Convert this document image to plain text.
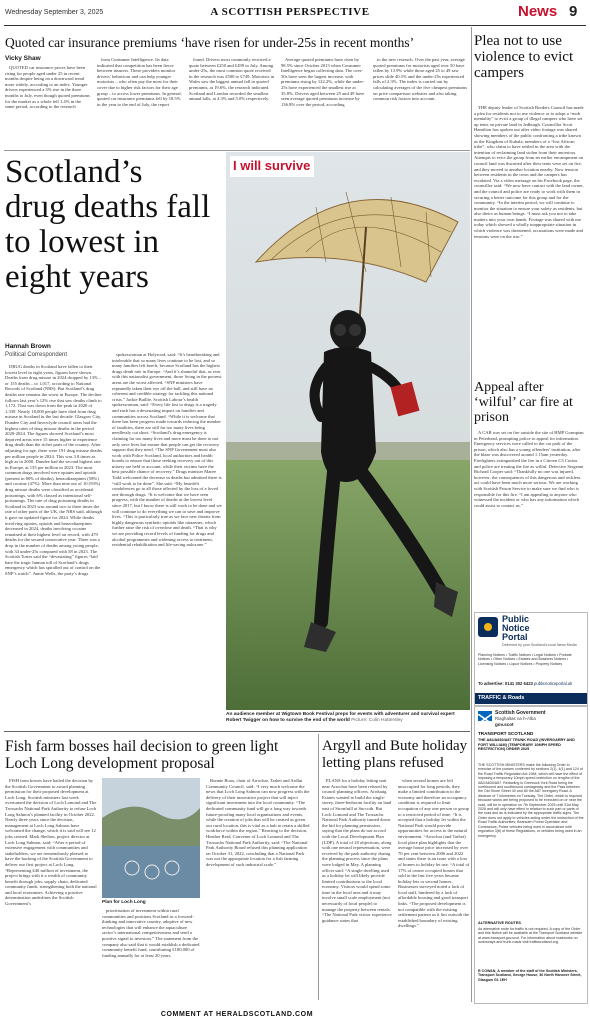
Wednesday September 3, 2025	A SCOTTISH PERSPECTIVE	News 9
Quoted car insurance premiums ‘have risen for under-25s in recent months’
Vicky Shaw

QUOTED car insurance prices have been rising for people aged under 25 in recent months despite being on a downward trend more widely, according to an index. Younger drivers experienced a 3% rise in the three months to July, even though quoted premiums for the market as a whole fell 1.4% in the same period, according to the research

from Consumer Intelligence. Its data indicated that competition has been fierce between insurers. These providers monitor drivers’ behaviour and can help younger motorists – who often pay the most for their cover due to higher risk factors for their age group – to access lower premiums. In general, quoted car insurance premiums fell by 18.5% in the year to the end of July, the report

found. Drivers most commonly received a quote between £250 and £499 in July. Among under-25s, the most common quote received in the research was £500 to £749. Motorists in Wales saw the biggest annual fall in quoted premiums, at 19.6%, the research indicated. Scotland and London recorded the smallest annual falls, at 4.3% and 5.0% respectively.

Average quoted premiums have risen by 98.5% since October 2013 when Consumer Intelligence began collecting data. The over-50s have seen the largest increase, with premiums rising by 122.2%, while the under-25s have experienced the smallest rise at 35.8%. Drivers aged between 25 and 49 have seen average quoted premiums increase by 136.8% over the period, according

to the new research. Over the past year, average quoted premiums for motorists aged over 50 have fallen by 13.9% while those aged 25 to 49 saw prices slide 40.5% and the under-25s experienced falls of 2.3%. The index is carried out by calculating averages of the five cheapest premiums on price comparison websites and also taking common risk factors into account.

Scotland’s drug deaths fall to lowest in eight years
Hannah Brown
Political Correspondent

DRUG deaths in Scotland have fallen to their lowest level in eight years, figures have shown. Deaths from drug misuse in 2024 dropped by 13% – or 155 deaths – to 1,017, according to National Records of Scotland (NRS). But Scotland’s drug deaths rate remains the worst in Europe. The decline follows last year’s 12% rise that saw deaths climb to 1,172. That was down from the peak in 2020 of 1,339. Nearly 18,000 people have died from drug misuse in Scotland in the last decade. Glasgow City, Dundee City and Inverclyde council areas had the highest rates of drug misuse deaths in the period 2020-2024. The figures showed Scotland’s most deprived areas were 15 times higher to experience drug death than the richer parts of the country. After adjusting for age, there were 191 drug misuse deaths per million people in 2024. This was 3.8 times as high as in 2000. Dundee had the second highest rate in Europe, at 135 per million in 2023. The most common drugs involved were opiates and opioids (present in 80% of deaths), benzodiazepines (58%) and cocaine (47%). More than nine out of 10 (93%) drug misuse deaths were classified as accidental poisonings, with 6% classed as intentional self-poisonings. The rate of drug poisoning deaths in Scotland in 2023 was around two to three times the rate of other parts of the UK, the NRS said, although it gave no updated figure for 2024. While deaths involving opiates, opioids and benzodiazepines decreased in 2024, deaths involving cocaine remained at their highest level on record, with 479 deaths for the second consecutive year. There was a drop in the number of deaths among young people, with 34 under-25s compared with 58 in 2023. The Scottish Tories said the “devastating” figures “laid bare the tragic human toll of Scotland’s drugs emergency which has spiralled out of control on the SNP’s watch”. Annie Wells, the party’s drugs

spokeswoman at Holyrood, said: “It’s heartbreaking and intolerable that so many lives continue to be lost, and so many families left bereft, because Scotland has the highest drugs death rate in Europe. “And it’s shameful that, as ever with this nationalist government, those living in the poorest areas are the worst affected. “SNP ministers have repeatedly taken their eye off the ball, and still have no coherent and credible strategy for tackling this national crisis.” Jackie Baillie, Scottish Labour’s health spokeswoman, said: “Every life lost to drugs is a tragedy and each has a devastating impact on families and communities across Scotland. “While it is welcome that there has been progress made towards reducing the number of fatalities, there are still far too many lives being needlessly cut short. “Scotland’s drug emergency is claiming far too many lives and more must be done to not only save lives but ensure that people can get the recovery support that they need. “The SNP Government must also work with Police Scotland, local authorities and health boards to ensure that those seeking recovery out of this misery are held to account, while their victims have the best possible chance of recovery.” Drugs minister Maree Todd welcomed the decrease in deaths but admitted there is “still work to be done”. She said: “My heartfelt condolences go to all those affected by the loss of a loved one through drugs. “It is welcome that we have seen progress, with the number of deaths at the lowest level since 2017, but I know there is still work to be done and we will continue to do everything we can to save and improve lives. “This is particularly true as we face new threats from highly dangerous synthetic opioids like nitazenes, which further raise the risk of overdose and death. “That is why we are providing record levels of funding for drugs and alcohol programmes and widening access to treatment, residential rehabilitation and life-saving naloxone.”

I will survive
An audience member at Wigtown Book Festival preps for events with adventurer and survival expert Robert Twigger on how to survive the end of the world Picture: Colin Hattersley
Plea not to use violence to evict campers

THE deputy leader of Scottish Borders Council has made a plea for residents not to use violence or to adopt a “mob mentality” to evict a group of illegal campers who have set up tents on private land in Jedburgh. Councillor Scott Hamilton has spoken out after video footage was shared showing members of the public confronting a tribe known as the Kingdom of Kubala, members of a “lost African tribe”, who claim to have settled in the area with the intention of reclaiming land stolen from their ancestors. Attempts to evict the group from an earlier encampment on council land was thwarted after their tents were set on fire, and they moved to another location nearby. Now tension between residents in the town and the campers has escalated. Via a video message on his Facebook page, the councillor said: “We now have contact with the land owner, and the council and police are ready to work with them in securing a better outcome for this group and for the community. “In the interim period, we will continue to monitor the situation to ensure your safety as residents, but also theirs as human beings. “I must ask you not to take matters into your own hands. Footage was shared with me today which showed a wholly inappropriate situation in which violence was threatened, accusations were made and tensions were on the rise.”

Appeal after ‘wilful’ car fire at prison

A CAR was set on fire outside the site of HMP Grampian in Peterhead, prompting police to appeal for information. Emergency services were called to the car park of the prison, which also has a young offenders’ institution, after the blaze was discovered around 1.15am yesterday. Firefighters extinguished the fire in a Citroen C3 Cactus and police are treating the fire as wilful. Detective Sergeant Richard Cooper said: “Thankfully no one was injured, however, the consequences of this dangerous and reckless act could have been much more serious. We are working with Scottish Prison Service to make sure we find who is responsible for this fire. “I am appealing to anyone who witnessed the incident or who has any information which could assist to contact us.”

Public
Notice
Portal
Delivered by your Scotland's local News Media
Planning Notices • Traffic Notices • Legal Notices • Probate Notices • Other Notices • Estates and Business Notices • Licensing Notices • Liquor Notices • Property Notices
To advertise: 0141 302 6423 publicnoticeportal.uk
TRAFFIC & Roads
Scottish Government
Riaghaltas na h-Alba
gov.scot
TRANSPORT SCOTLAND
THE A82/A830/A87 TRUNK ROAD (INVERGARRY AND FORT WILLIAM) (TEMPORARY 10MPH SPEED RESTRICTION) ORDER 2025
THE SCOTTISH MINISTERS make the following Order in exercise of the powers conferred by sections 2(1), 4(1) and 124 of the Road Traffic Regulation Act 1984, which will have the effect of imposing a temporary 10mph speed restriction on lengths of the A82/A830/A87. Redacting is Greenock York Road being the northbound and southbound carriageway and the Pass between the Old Shore Street 40 and 80 the A87 Invergarry Road. A distance of 7 kilometres on Tuesday. The Order, which is required because works are being proposed to be executed on or near the road, will be in operation on 7th September 2025 until 31st May 2026 and will only have effect in relation to such part or parts of the road and as is indicated by the appropriate traffic signs. The Order does not apply to vehicles acting under the instruction of the Road Traffic Authorities; Bearsden Forest Operation and Contractors; Police vehicles being used in accordance with regulation 3(6) of these Regulations, or vehicles being used in an emergency.
ALTERNATIVE ROUTES
As alternative route for traffic is not required. A copy of the Order and this Notice will be available at the Transport Scotland website at www.transport.gov.scot. For information about roadworks on motorways and trunk roads visit trafficscotland.org.
R COWAN, A member of the staff of the Scottish Ministers, Transport Scotland, George House, 36 North Hanover Street, Glasgow G1 1EH
Fish farm bosses hail decision to green light Loch Long development proposal

FISH farm bosses have hailed the decision by the Scottish Government to award planning permission for their proposed development at Loch Long. Scottish ministers last week overturned the decision of Loch Lomond and The Trossachs National Park Authority to refuse Loch Long Salmon’s planned facility in October 2022. Nearly three years since the decision, management at Loch Long Salmon have welcomed the change, which it is said will see 12 jobs created. Mark Shelton, project director at Loch Long Salmon, said: “After a period of extensive engagement with communities and stakeholders, we are tremendously pleased to have the backing of the Scottish Government to deliver our first project at Loch Long. “Representing £40 million of investment, the project brings with it a wealth of community benefit through jobs, supply chain, dedicated community funds, strengthening both the national and local economies. Achieving a positive determination underlines the Scottish Government’s	Plan for Loch Long

prioritisation of investment within rural communities and positions Scotland as a forward-thinking and innovative country, adoptive of new technologies that will enhance the aquaculture sector’s international competitiveness and send a positive signal to investors.” The statement from the company also said that it would establish a dedicated community benefit fund, contributing £180,000 of funding annually for at least 20 years.

Bonnie Boax, chair of Arrochar, Tarbet and Ardlui Community Council, said: “I very much welcome the news that Loch Long Salmon can now progress with the delivery of their innovative project that will inject significant investment into the local community. “The dedicated community fund will go a long way towards future-proofing many local organisations and events, while the creation of jobs that will be created as given our rural location, this is vital as a hub to retain a skilled workforce within the region.” Reacting to the decision, Heather Reid, Convener of Loch Lomond and The Trossachs National Park Authority, said: “The National Park Authority Board refused this planning application on October 31, 2022, concluding that a National Park was not the appropriate location for a fish farming development of such industrial scale.”

Argyll and Bute holiday letting plans refused

PLANS for a holiday letting unit near Arrochar have been refused by council planning officers. Arrduaig Estates wanted to build the single-storey, three-bedroom facility on land east of Stronfuill at Succoth. But Loch Lomond and The Trossachs National Park Authority turned down the bid for planning permission, saying that the plans do not accord with the Local Development Plan (LDP). A total of 20 objections, along with one neutral representation, were received by the park authority during the planning process since the plans were lodged in May. A planning officer said: “A single dwelling used as a holiday let will likely provide limited contributions to the local economy. Visitors would spend some time in the local area and it may involve small scale employment (not necessarily of local people) to manage the property between rentals. “The National Park visitor experience guidance states that

when second homes are left unoccupied for long periods, they make a limited contribution to the economy and therefore an occupancy condition is required to limit occupation of any one person or group to a restricted period of time. “It is accepted that a holiday let within the National Park would provide opportunities for access to the natural environment. “Arrochar (and Tarbet) local place plan highlights that the average house price increased by over 70 per cent between 2006 and 2022 and states there is an issue with a loss of homes to holiday let use. “A total of 17% of owner occupied homes that sold in the last five years became holiday lets or second homes. Businesses surveyed noted a lack of local staff, hindered by a lack of affordable housing and good transport links. “The proposed development is not compatible with the existing settlement pattern as it lies outwith the established boundary of existing dwellings.”

COMMENT AT HERALDSCOTLAND.COM
